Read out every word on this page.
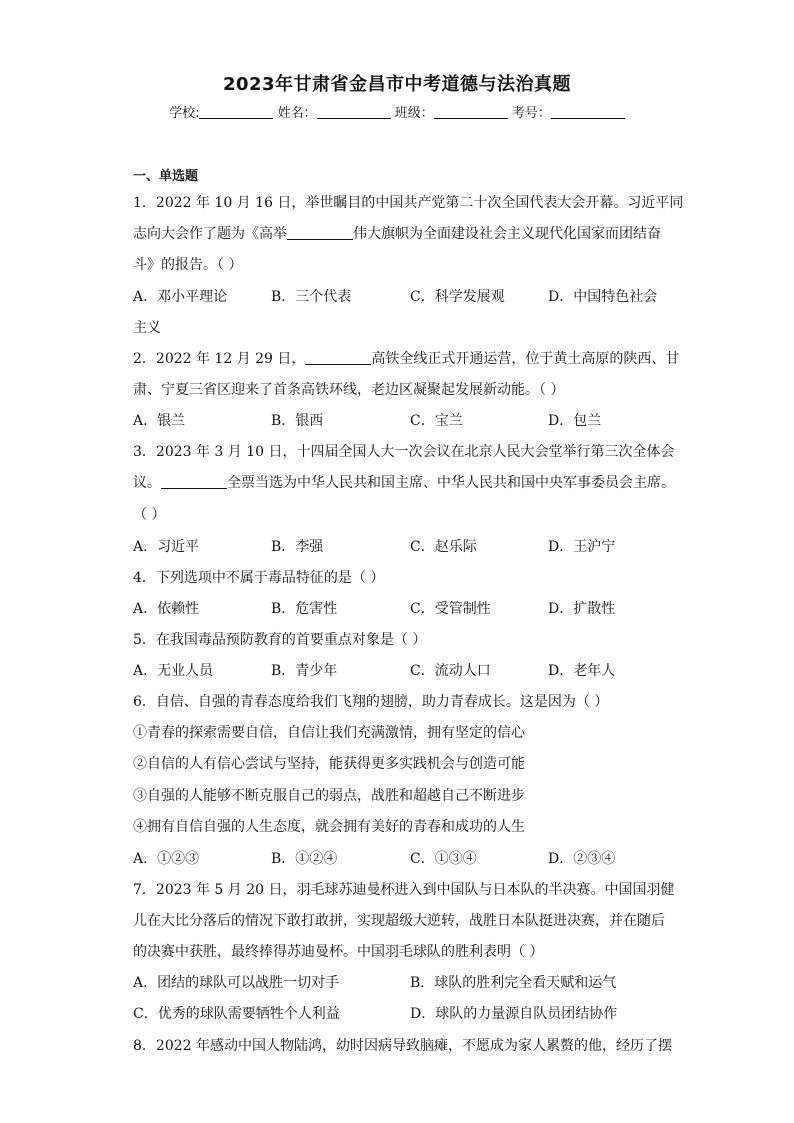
2023年甘肃省金昌市中考道德与法治真题
学校:	姓名：	班级：	考号：
一、单选题
1．2022 年 10 月 16 日，举世瞩目的中国共产党第二十次全国代表大会开幕。习近平同
志向大会作了题为《高举	伟大旗帜为全面建设社会主义现代化国家而团结奋
斗》的报告。（ ）
A．邓小平理论	B．三个代表	C．科学发展观	D．中国特色社会
主义
2．2022 年 12 月 29 日，	高铁全线正式开通运营，位于黄土高原的陕西、甘
肃、宁夏三省区迎来了首条高铁环线，老边区凝聚起发展新动能。（ ）
A．银兰	B．银西	C．宝兰	D．包兰
3．2023 年 3 月 10 日，十四届全国人大一次会议在北京人民大会堂举行第三次全体会
议。	全票当选为中华人民共和国主席、中华人民共和国中央军事委员会主席。
（ ）
A．习近平	B．李强	C．赵乐际	D．王沪宁
4．下列选项中不属于毒品特征的是（ ）
A．依赖性	B．危害性	C．受管制性	D．扩散性
5．在我国毒品预防教育的首要重点对象是（ ）
A．无业人员	B．青少年	C．流动人口	D．老年人
6．自信、自强的青春态度给我们飞翔的翅膀，助力青春成长。这是因为（ ）
①青春的探索需要自信，自信让我们充满激情，拥有坚定的信心
②自信的人有信心尝试与坚持，能获得更多实践机会与创造可能
③自强的人能够不断克服自己的弱点，战胜和超越自己不断进步
④拥有自信自强的人生态度，就会拥有美好的青春和成功的人生
A．①②③	B．①②④	C．①③④	D．②③④
7．2023 年 5 月 20 日，羽毛球苏迪曼杯进入到中国队与日本队的半决赛。中国国羽健
儿在大比分落后的情况下敢打敢拼，实现超级大逆转，战胜日本队挺进决赛，并在随后
的决赛中获胜，最终捧得苏迪曼杯。中国羽毛球队的胜利表明（ ）
A．团结的球队可以战胜一切对手	B．球队的胜利完全看天赋和运气
C．优秀的球队需要牺牲个人利益	D．球队的力量源自队员团结协作
8．2022 年感动中国人物陆鸿，幼时因病导致脑瘫，不愿成为家人累赘的他，经历了摆
